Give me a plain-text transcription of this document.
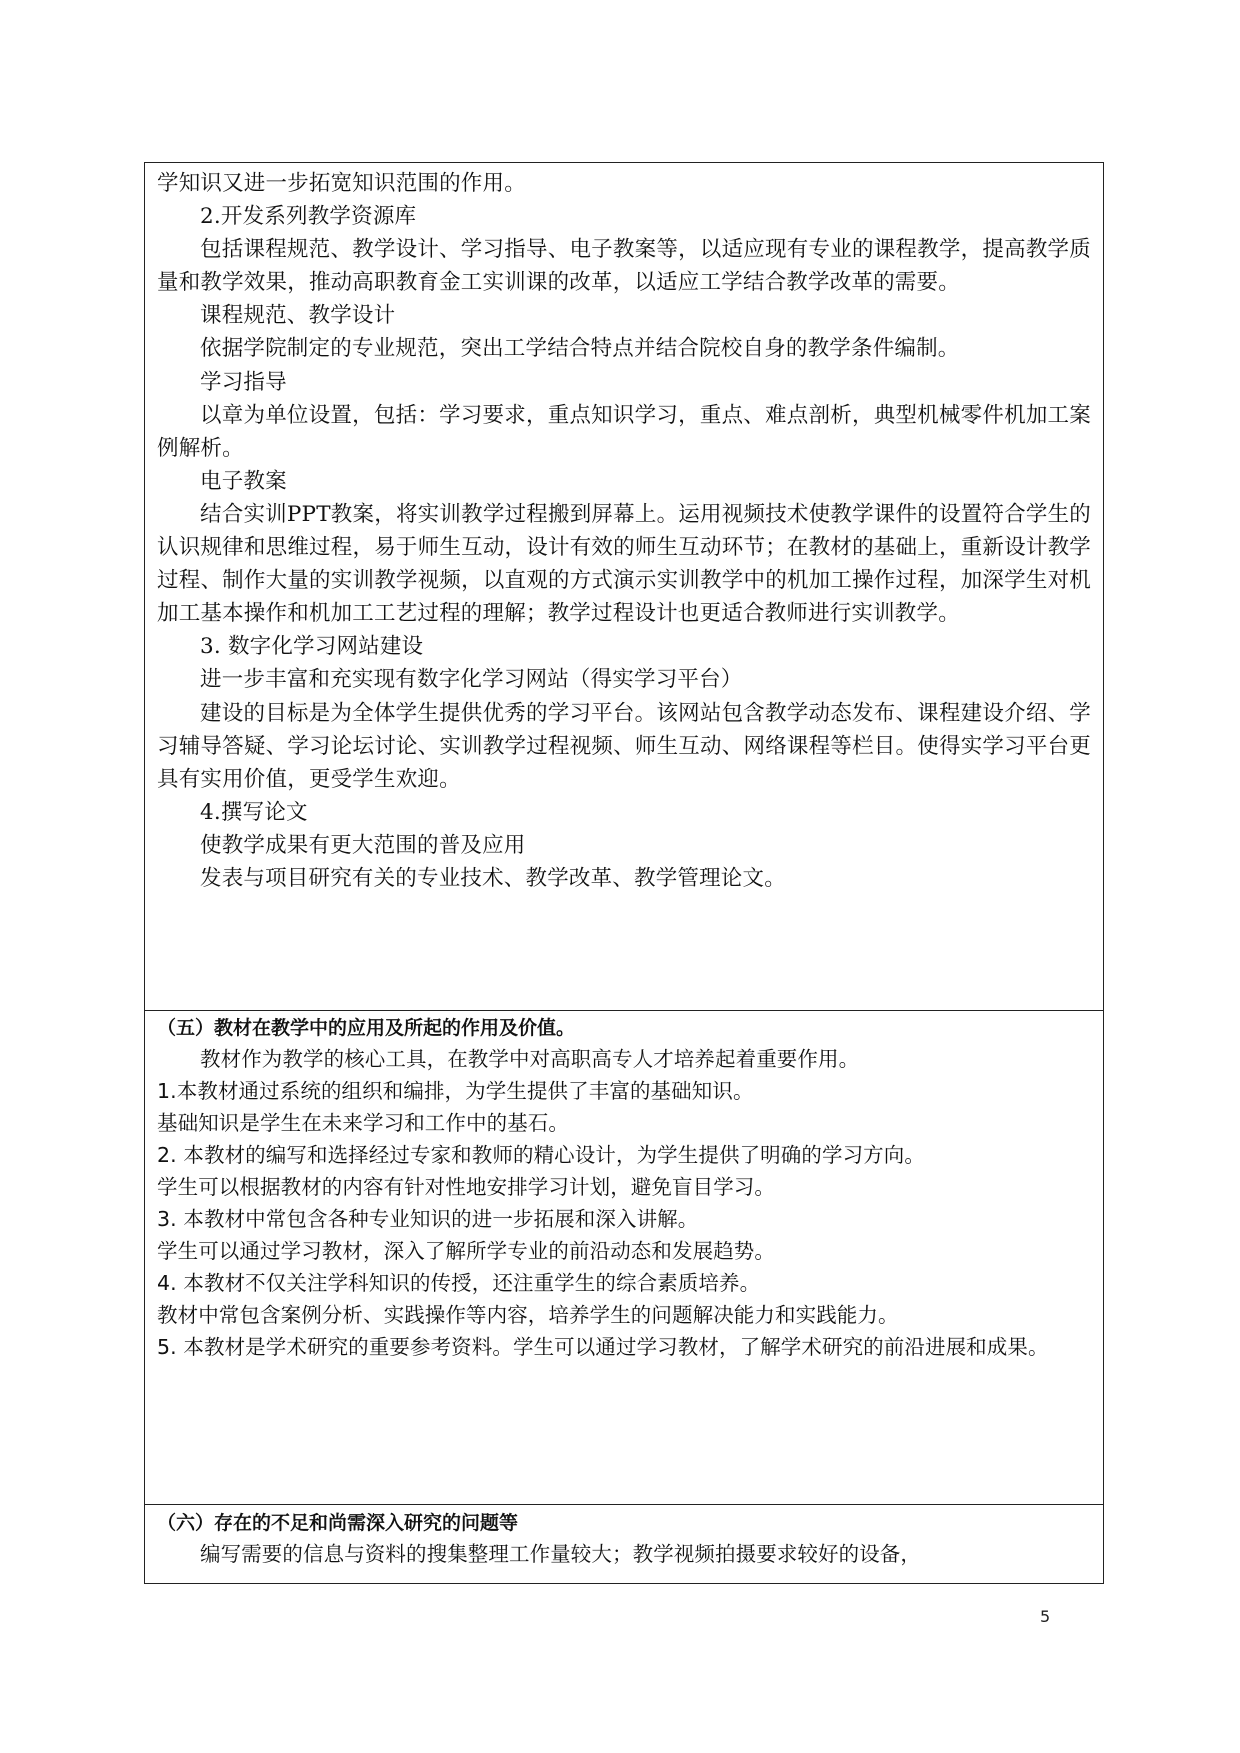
学知识又进一步拓宽知识范围的作用。
2.开发系列教学资源库

包括课程规范、教学设计、学习指导、电子教案等，以适应现有专业的课程教学，提高教学质量和教学效果，推动高职教育金工实训课的改革，以适应工学结合教学改革的需要。

课程规范、教学设计

依据学院制定的专业规范，突出工学结合特点并结合院校自身的教学条件编制。

学习指导

以章为单位设置，包括：学习要求，重点知识学习，重点、难点剖析，典型机械零件机加工案例解析。

电子教案

结合实训PPT教案，将实训教学过程搬到屏幕上。运用视频技术使教学课件的设置符合学生的认识规律和思维过程，易于师生互动，设计有效的师生互动环节；在教材的基础上，重新设计教学过程、制作大量的实训教学视频，以直观的方式演示实训教学中的机加工操作过程，加深学生对机加工基本操作和机加工工艺过程的理解；教学过程设计也更适合教师进行实训教学。

3. 数字化学习网站建设
进一步丰富和充实现有数字化学习网站（得实学习平台）

建设的目标是为全体学生提供优秀的学习平台。该网站包含教学动态发布、课程建设介绍、学习辅导答疑、学习论坛讨论、实训教学过程视频、师生互动、网络课程等栏目。使得实学习平台更具有实用价值，更受学生欢迎。

4.撰写论文
使教学成果有更大范围的普及应用
发表与项目研究有关的专业技术、教学改革、教学管理论文。
（五）教材在教学中的应用及所起的作用及价值。

教材作为教学的核心工具，在教学中对高职高专人才培养起着重要作用。

1.本教材通过系统的组织和编排，为学生提供了丰富的基础知识。

基础知识是学生在未来学习和工作中的基石。

2. 本教材的编写和选择经过专家和教师的精心设计，为学生提供了明确的学习方向。

学生可以根据教材的内容有针对性地安排学习计划，避免盲目学习。

3. 本教材中常包含各种专业知识的进一步拓展和深入讲解。

学生可以通过学习教材，深入了解所学专业的前沿动态和发展趋势。

4. 本教材不仅关注学科知识的传授，还注重学生的综合素质培养。

教材中常包含案例分析、实践操作等内容，培养学生的问题解决能力和实践能力。

5. 本教材是学术研究的重要参考资料。学生可以通过学习教材，了解学术研究的前沿进展和成果。

（六）存在的不足和尚需深入研究的问题等
编写需要的信息与资料的搜集整理工作量较大；教学视频拍摄要求较好的设备，
5
